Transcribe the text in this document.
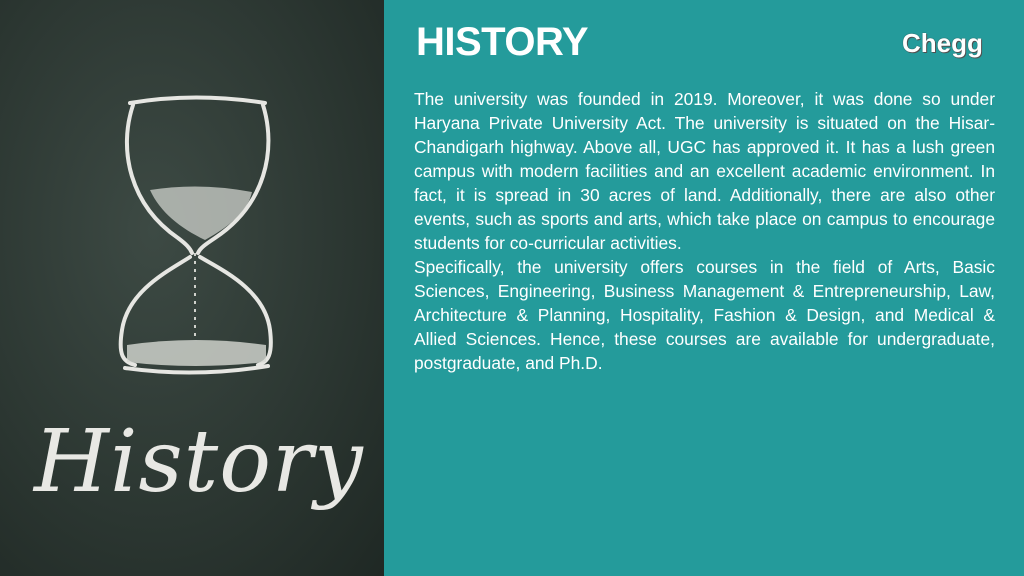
History
HISTORY	Chegg

The university was founded in 2019. Moreover, it was done so under Haryana Private University Act. The university is situated on the Hisar-Chandigarh highway. Above all, UGC has approved it. It has a lush green campus with modern facilities and an excellent academic environment. In fact, it is spread in 30 acres of land. Additionally, there are also other events, such as sports and arts, which take place on campus to encourage students for co-curricular activities.

Specifically, the university offers courses in the field of Arts, Basic Sciences, Engineering, Business Management & Entrepreneurship, Law, Architecture & Planning, Hospitality, Fashion & Design, and Medical & Allied Sciences. Hence, these courses are available for undergraduate, postgraduate, and Ph.D.
